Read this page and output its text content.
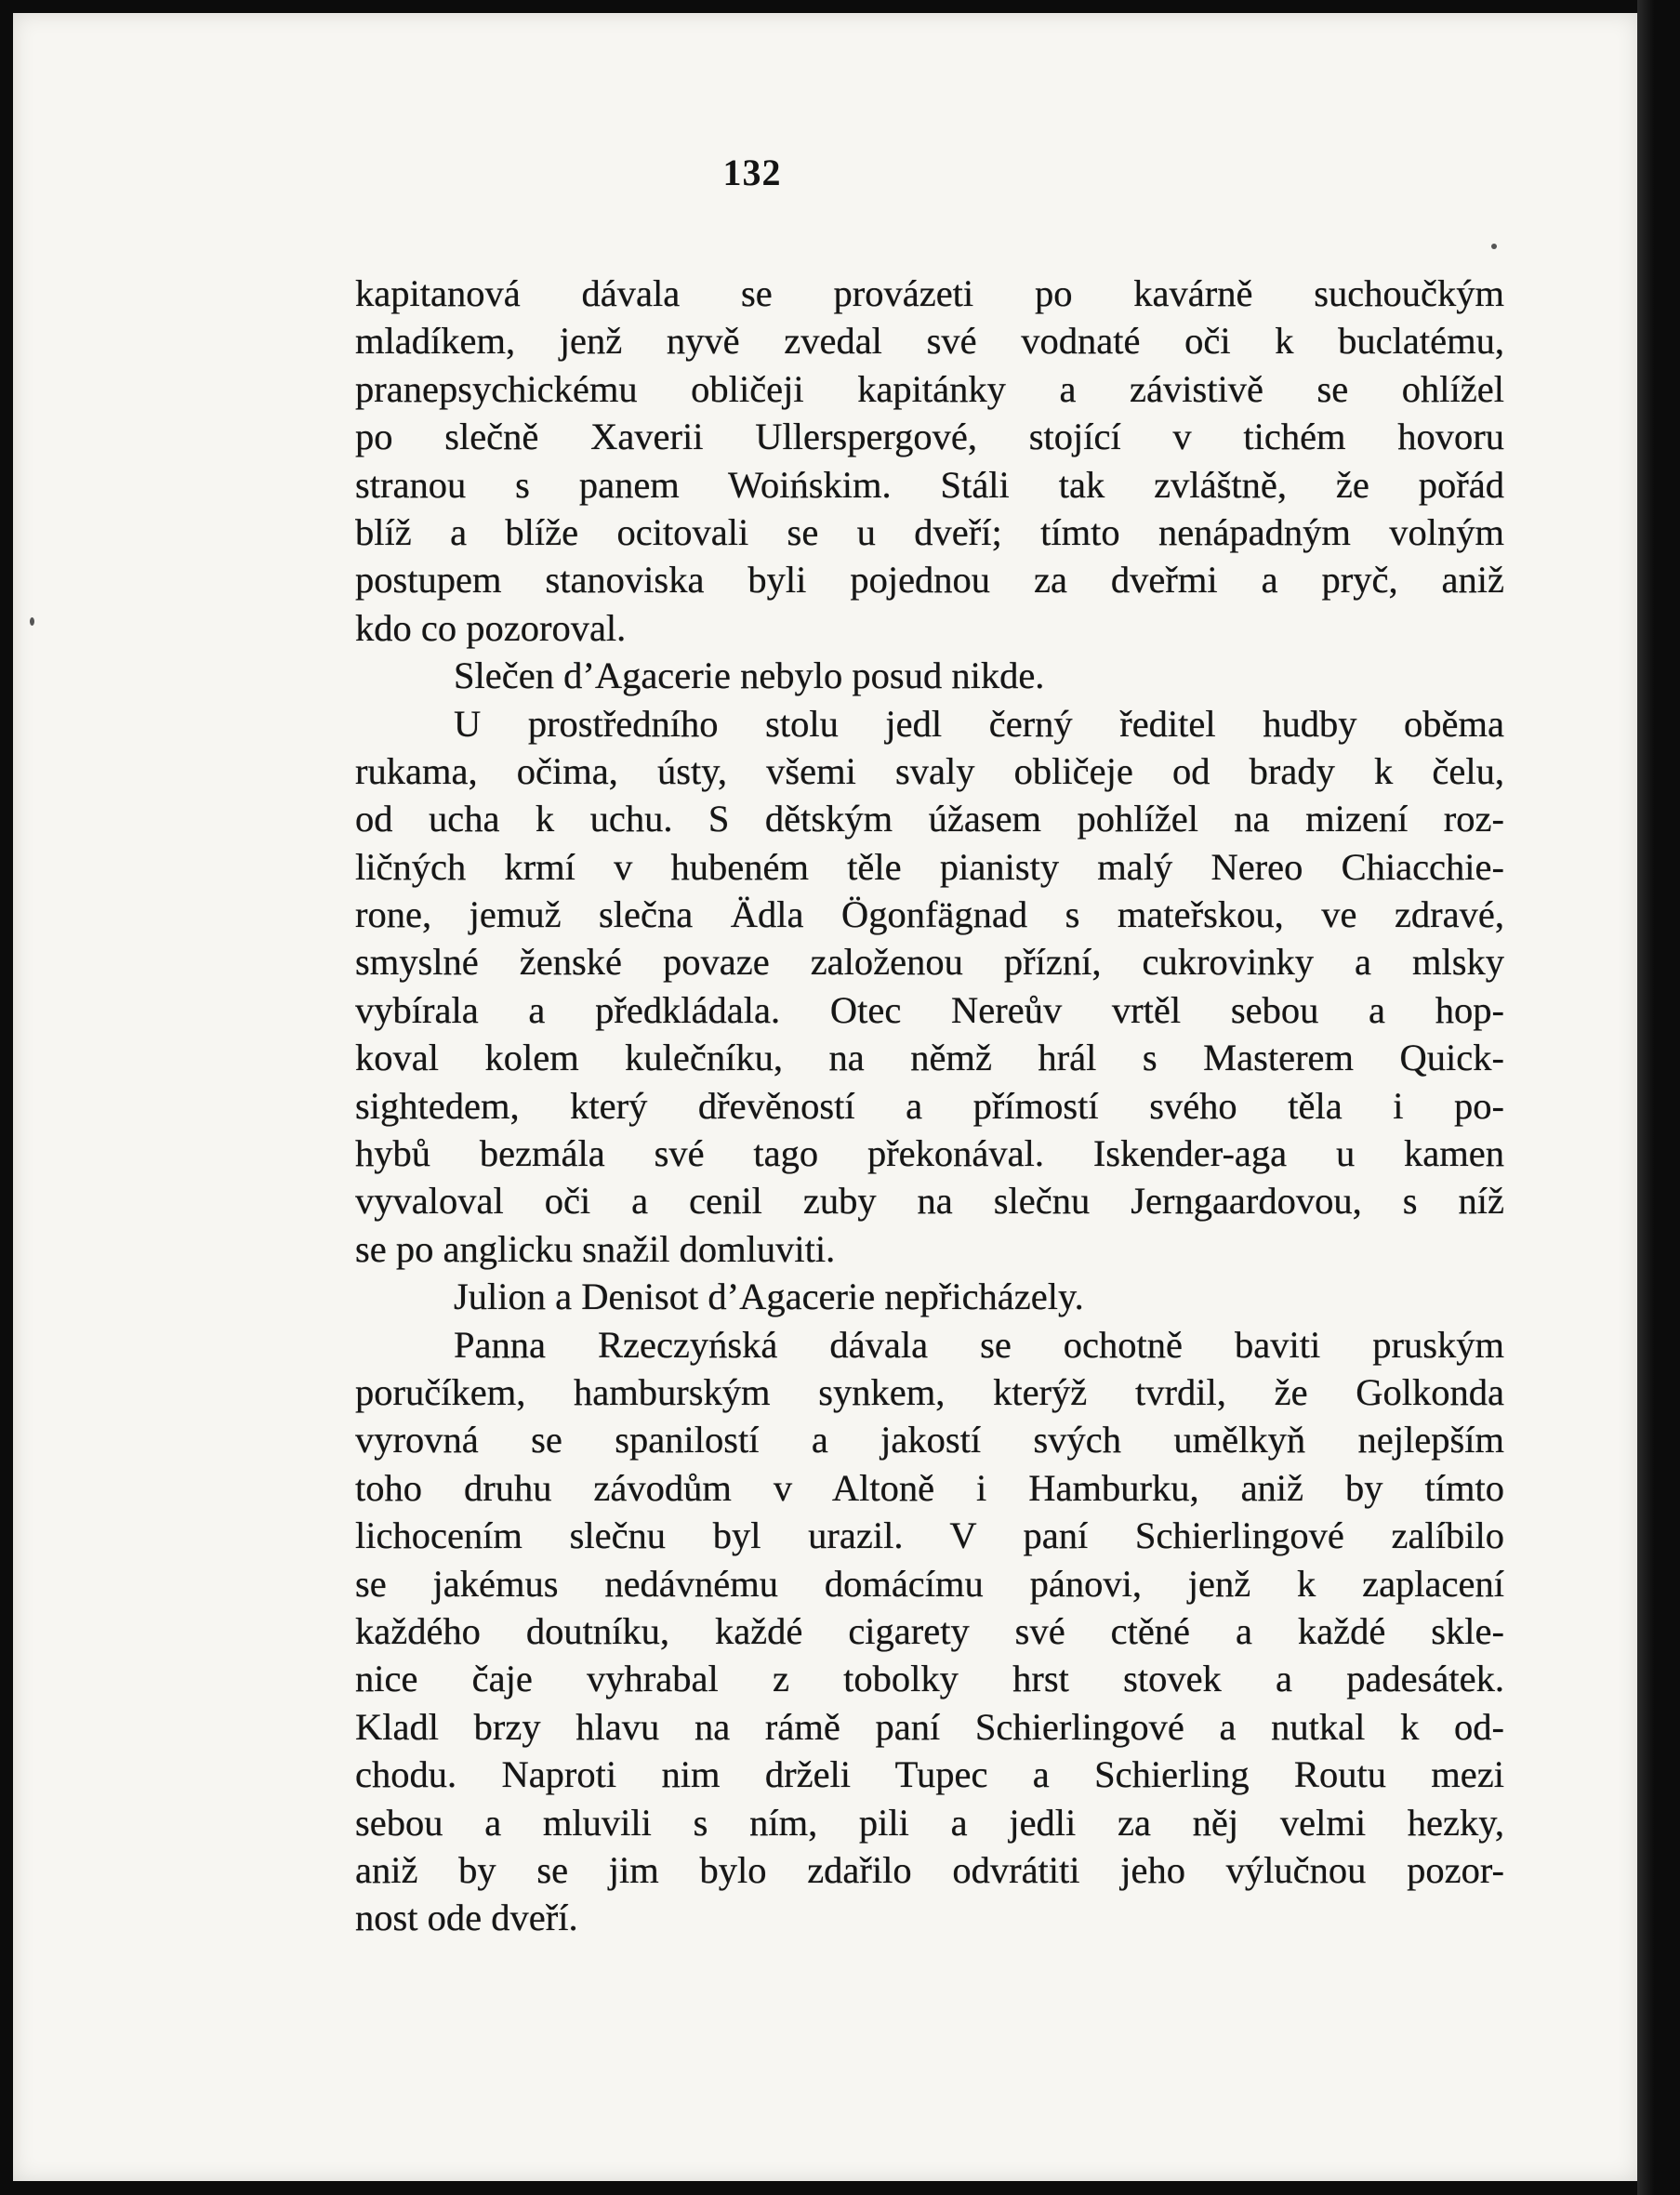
132
kapitanová dávala se provázeti po kavárně suchoučkým
mladíkem, jenž nyvě zvedal své vodnaté oči k buclatému,
pranepsychickému obličeji kapitánky a závistivě se ohlížel
po slečně Xaverii Ullerspergové, stojící v tichém hovoru
stranou s panem Woińskim. Stáli tak zvláštně, že pořád
blíž a blíže ocitovali se u dveří; tímto nenápadným volným
postupem stanoviska byli pojednou za dveřmi a pryč, aniž
kdo co pozoroval.
Slečen d’Agacerie nebylo posud nikde.
U prostředního stolu jedl černý ředitel hudby oběma
rukama, očima, ústy, všemi svaly obličeje od brady k čelu,
od ucha k uchu. S dětským úžasem pohlížel na mizení roz-
ličných krmí v hubeném těle pianisty malý Nereo Chiacchie-
rone, jemuž slečna Ädla Ögonfägnad s mateřskou, ve zdravé,
smyslné ženské povaze založenou přízní, cukrovinky a mlsky
vybírala a předkládala. Otec Nereův vrtěl sebou a hop-
koval kolem kulečníku, na němž hrál s Masterem Quick-
sightedem, který dřevěností a přímostí svého těla i po-
hybů bezmála své tago překonával. Iskender-aga u kamen
vyvaloval oči a cenil zuby na slečnu Jerngaardovou, s níž
se po anglicku snažil domluviti.
Julion a Denisot d’Agacerie nepřicházely.
Panna Rzeczyńská dávala se ochotně baviti pruským
poručíkem, hamburským synkem, kterýž tvrdil, že Golkonda
vyrovná se spanilostí a jakostí svých umělkyň nejlepším
toho druhu závodům v Altoně i Hamburku, aniž by tímto
lichocením slečnu byl urazil. V paní Schierlingové zalíbilo
se jakémus nedávnému domácímu pánovi, jenž k zaplacení
každého doutníku, každé cigarety své ctěné a každé skle-
nice čaje vyhrabal z tobolky hrst stovek a padesátek.
Kladl brzy hlavu na rámě paní Schierlingové a nutkal k od-
chodu. Naproti nim drželi Tupec a Schierling Routu mezi
sebou a mluvili s ním, pili a jedli za něj velmi hezky,
aniž by se jim bylo zdařilo odvrátiti jeho výlučnou pozor-
nost ode dveří.
